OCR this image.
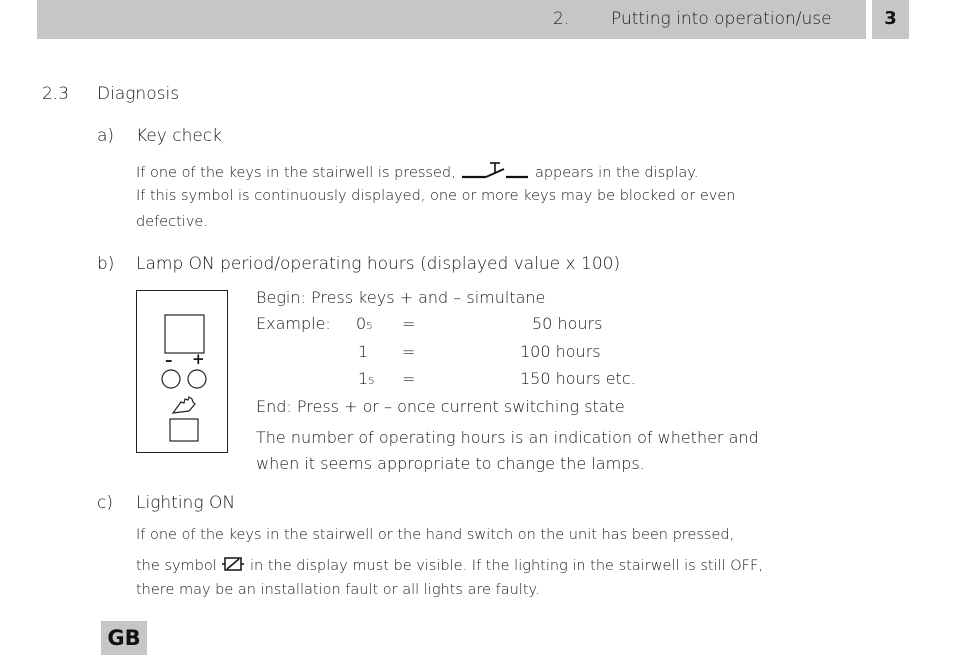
2. Putting into operation/use	3
2.3 Diagnosis
a) Key check
If one of the keys in the stairwell is pressed,	appears in the display.
If this symbol is continuously displayed, one or more keys may be blocked or even
defective.
b) Lamp ON period/operating hours (displayed value x 100)
– +
Begin: Press keys + and – simultane
Example: 05 =	50 hours
1 =	100 hours
15 =	150 hours etc.
End: Press + or – once current switching state
The number of operating hours is an indication of whether and
when it seems appropriate to change the lamps.
c) Lighting ON
If one of the keys in the stairwell or the hand switch on the unit has been pressed,
the symbol in the display must be visible. If the lighting in the stairwell is still OFF,
there may be an installation fault or all lights are faulty.
GB
